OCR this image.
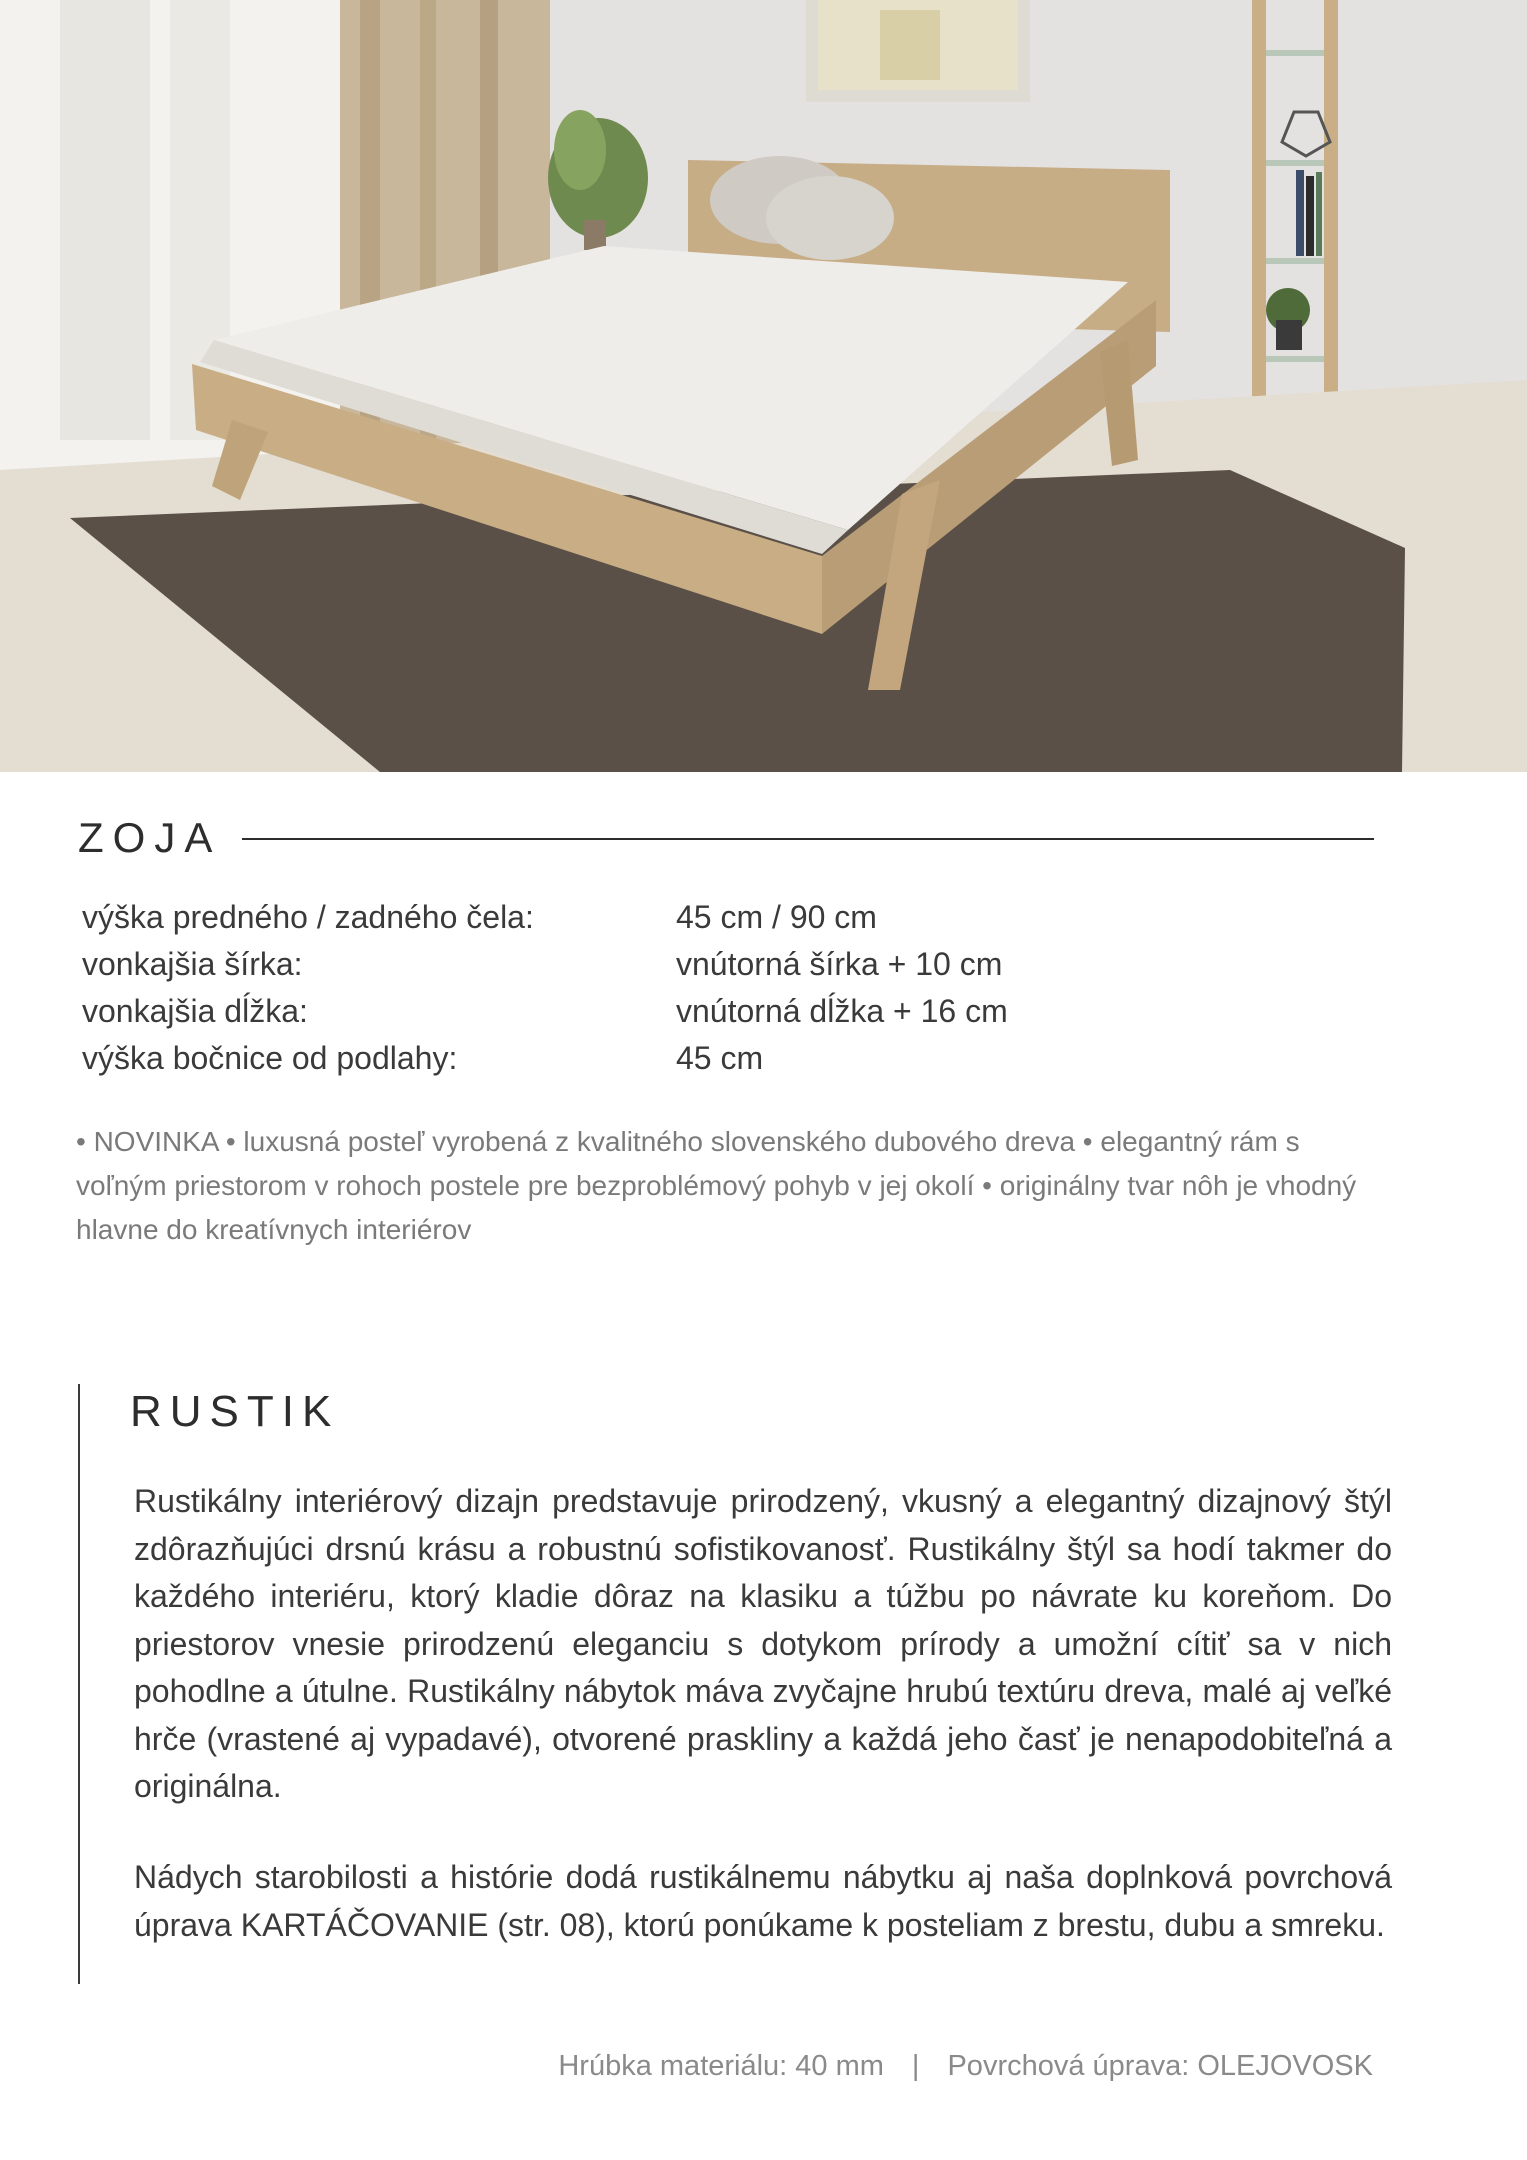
ZOJA
výška predného / zadného čela:	45 cm / 90 cm
vonkajšia šírka:	vnútorná šírka + 10 cm
vonkajšia dĺžka:	vnútorná dĺžka + 16 cm
výška bočnice od podlahy:	45 cm
• NOVINKA • luxusná posteľ vyrobená z kvalitného slovenského dubového dreva • elegantný rám s voľným priestorom v rohoch postele pre bezproblémový pohyb v jej okolí • originálny tvar nôh je vhodný hlavne do kreatívnych interiérov
RUSTIK

Rustikálny interiérový dizajn predstavuje prirodzený, vkusný a elegantný dizajnový štýl zdôrazňujúci drsnú krásu a robustnú sofistikovanosť. Rustikálny štýl sa hodí takmer do každého interiéru, ktorý kladie dôraz na klasiku a túžbu po návrate ku koreňom. Do priestorov vnesie prirodzenú eleganciu s dotykom prírody a umožní cítiť sa v nich pohodlne a útulne. Rustikálny nábytok máva zvyčajne hrubú textúru dreva, malé aj veľké hrče (vrastené aj vypadavé), otvorené praskliny a každá jeho časť je nenapodobiteľná a originálna.

Nádych starobilosti a histórie dodá rustikálnemu nábytku aj naša doplnková povrchová úprava KARTÁČOVANIE (str. 08), ktorú ponúkame k posteliam z brestu, dubu a smreku.

Hrúbka materiálu: 40 mm | Povrchová úprava: OLEJOVOSK
